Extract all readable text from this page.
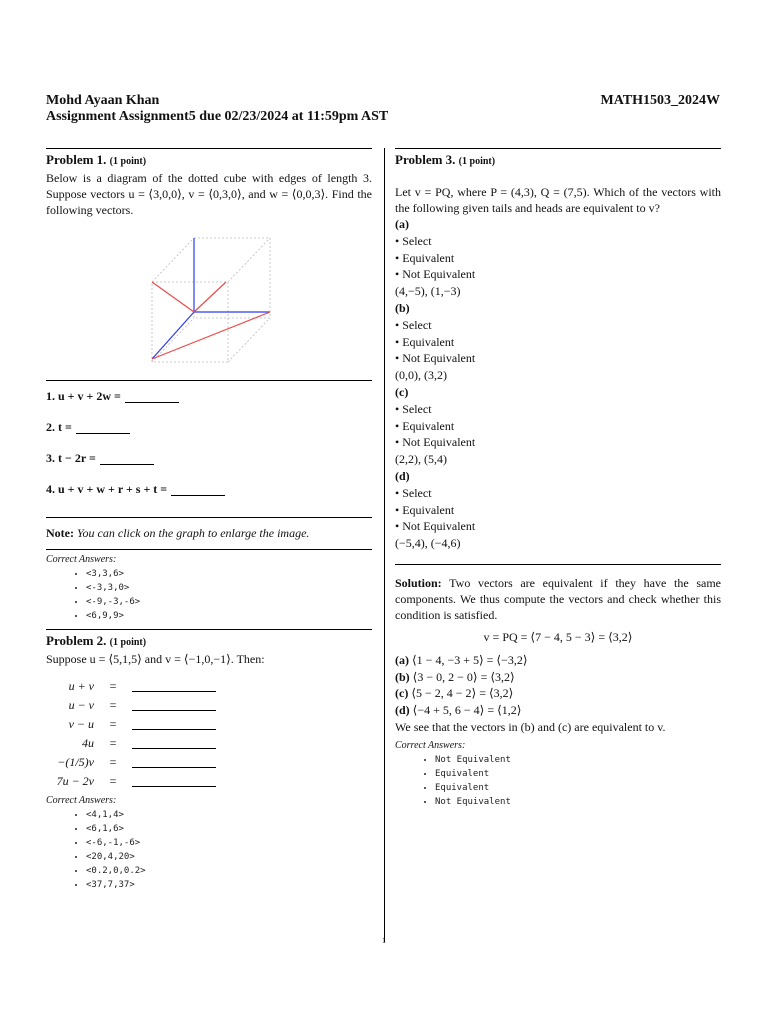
Mohd Ayaan Khan
Assignment Assignment5 due 02/23/2024 at 11:59pm AST
MATH1503_2024W
Problem 1. (1 point)
Below is a diagram of the dotted cube with edges of length 3. Suppose vectors u = ⟨3,0,0⟩, v = ⟨0,3,0⟩, and w = ⟨0,0,3⟩. Find the following vectors.
1. u + v + 2w =
2. t =
3. t − 2r =
4. u + v + w + r + s + t =
Note: You can click on the graph to enlarge the image.
Correct Answers:
• <3,3,6>
• <-3,3,0>
• <-9,-3,-6>
• <6,9,9>
Problem 2. (1 point)
Suppose u = ⟨5,1,5⟩ and v = ⟨−1,0,−1⟩. Then:
u + v	=
u − v	=
v − u	=
4u	=
−(1/5)v	=
7u − 2v	=
Correct Answers:
• <4,1,4>
• <6,1,6>
• <-6,-1,-6>
• <20,4,20>
• <0.2,0,0.2>
• <37,7,37>
Problem 3. (1 point)
Let v = PQ, where P = (4,3), Q = (7,5). Which of the vectors with the following given tails and heads are equivalent to v?
(a)
• Select
• Equivalent
• Not Equivalent
(4,−5), (1,−3)
(b)
• Select
• Equivalent
• Not Equivalent
(0,0), (3,2)
(c)
• Select
• Equivalent
• Not Equivalent
(2,2), (5,4)
(d)
• Select
• Equivalent
• Not Equivalent
(−5,4), (−4,6)
Solution: Two vectors are equivalent if they have the same components. We thus compute the vectors and check whether this condition is satisfied.
v = PQ = ⟨7 − 4, 5 − 3⟩ = ⟨3,2⟩
(a) ⟨1 − 4, −3 + 5⟩ = ⟨−3,2⟩
(b) ⟨3 − 0, 2 − 0⟩ = ⟨3,2⟩
(c) ⟨5 − 2, 4 − 2⟩ = ⟨3,2⟩
(d) ⟨−4 + 5, 6 − 4⟩ = ⟨1,2⟩
We see that the vectors in (b) and (c) are equivalent to v.
Correct Answers:
• Not Equivalent
• Equivalent
• Equivalent
• Not Equivalent
1
